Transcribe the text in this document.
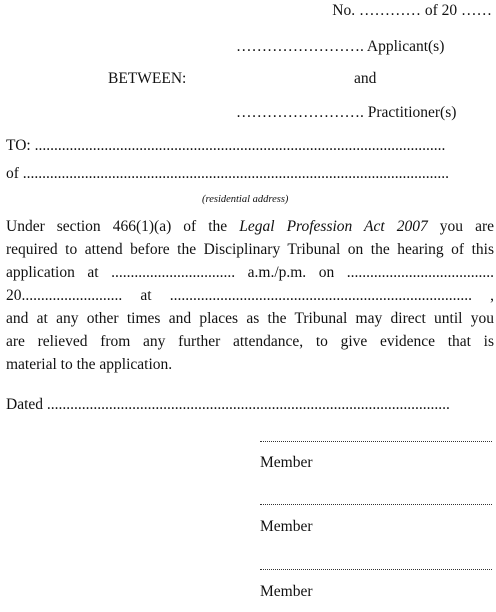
No. ………… of 20 ……
……………………. Applicant(s)
BETWEEN:	and
……………………. Practitioner(s)
TO: ..........................................................................................................
of ..............................................................................................................
(residential address)
Under section 466(1)(a) of the Legal Profession Act 2007 you are
required to attend before the Disciplinary Tribunal on the hearing of this
application at ................................ a.m./p.m. on ......................................
20.......................... at .............................................................................. ,
and at any other times and places as the Tribunal may direct until you
are relieved from any further attendance, to give evidence that is
material to the application.
Dated ........................................................................................................
Member
Member
Member
